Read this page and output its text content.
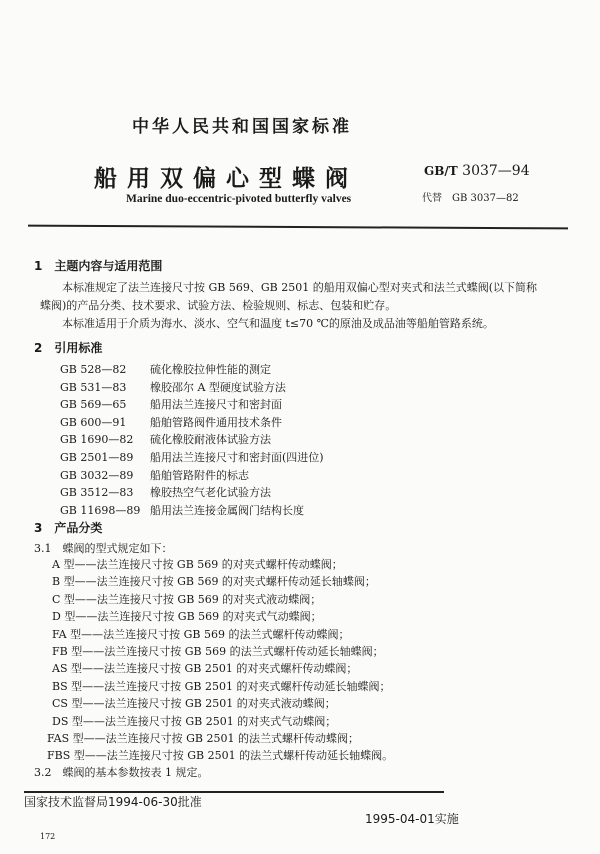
中华人民共和国国家标准
船用双偏心型蝶阀
Marine duo-eccentric-pivoted butterfly valves
GB/T 3037—94
代替　GB 3037—82
1　主题内容与适用范围
本标准规定了法兰连接尺寸按 GB 569、GB 2501 的船用双偏心型对夹式和法兰式蝶阀(以下简称
蝶阀)的产品分类、技术要求、试验方法、检验规则、标志、包装和贮存。
本标准适用于介质为海水、淡水、空气和温度 t≤70 ℃的原油及成品油等船舶管路系统。
2　引用标准
GB 528—82 硫化橡胶拉伸性能的测定
GB 531—83 橡胶邵尔 A 型硬度试验方法
GB 569—65 船用法兰连接尺寸和密封面
GB 600—91 船舶管路阀件通用技术条件
GB 1690—82 硫化橡胶耐液体试验方法
GB 2501—89 船用法兰连接尺寸和密封面(四进位)
GB 3032—89 船舶管路附件的标志
GB 3512—83 橡胶热空气老化试验方法
GB 11698—89 船用法兰连接金属阀门结构长度
3　产品分类
3.1　蝶阀的型式规定如下：
A 型——法兰连接尺寸按 GB 569 的对夹式螺杆传动蝶阀；
B 型——法兰连接尺寸按 GB 569 的对夹式螺杆传动延长轴蝶阀；
C 型——法兰连接尺寸按 GB 569 的对夹式液动蝶阀；
D 型——法兰连接尺寸按 GB 569 的对夹式气动蝶阀；
FA 型——法兰连接尺寸按 GB 569 的法兰式螺杆传动蝶阀；
FB 型——法兰连接尺寸按 GB 569 的法兰式螺杆传动延长轴蝶阀；
AS 型——法兰连接尺寸按 GB 2501 的对夹式螺杆传动蝶阀；
BS 型——法兰连接尺寸按 GB 2501 的对夹式螺杆传动延长轴蝶阀；
CS 型——法兰连接尺寸按 GB 2501 的对夹式液动蝶阀；
DS 型——法兰连接尺寸按 GB 2501 的对夹式气动蝶阀；
FAS 型——法兰连接尺寸按 GB 2501 的法兰式螺杆传动蝶阀；
FBS 型——法兰连接尺寸按 GB 2501 的法兰式螺杆传动延长轴蝶阀。
3.2　蝶阀的基本参数按表 1 规定。
国家技术监督局1994-06-30批准
1995-04-01实施
172
